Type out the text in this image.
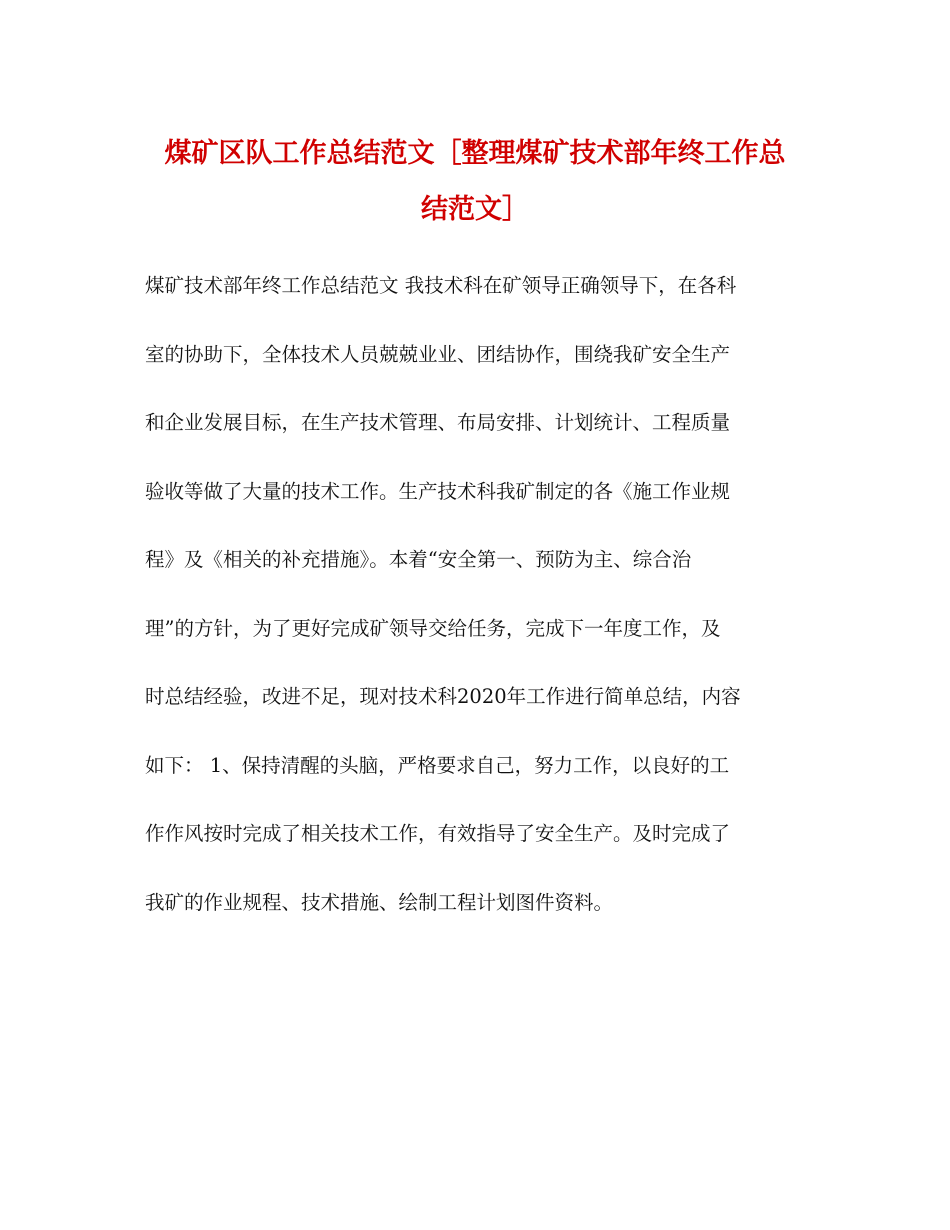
煤矿区队工作总结范文［整理煤矿技术部年终工作总
结范文］
煤矿技术部年终工作总结范文 我技术科在矿领导正确领导下，在各科
室的协助下，全体技术人员兢兢业业、团结协作，围绕我矿安全生产
和企业发展目标，在生产技术管理、布局安排、计划统计、工程质量
验收等做了大量的技术工作。生产技术科我矿制定的各《施工作业规
程》及《相关的补充措施》。本着“安全第一、预防为主、综合治
理”的方针，为了更好完成矿领导交给任务，完成下一年度工作，及
时总结经验，改进不足，现对技术科2020年工作进行简单总结，内容
如下： 1、保持清醒的头脑，严格要求自己，努力工作，以良好的工
作作风按时完成了相关技术工作，有效指导了安全生产。及时完成了
我矿的作业规程、技术措施、绘制工程计划图件资料。
